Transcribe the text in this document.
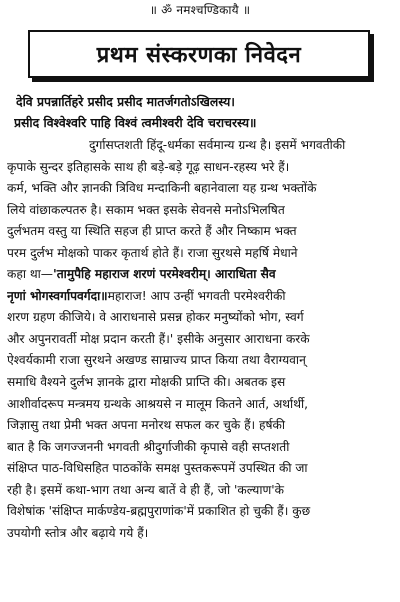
॥ ॐ नमश्चण्डिकायै ॥
प्रथम संस्करणका निवेदन
देवि प्रपन्नार्तिहरे प्रसीद प्रसीद मातर्जगतोऽखिलस्य।
प्रसीद विश्वेश्वरि पाहि विश्वं त्वमीश्वरी देवि चराचरस्य॥
दुर्गासप्तशती हिंदू-धर्मका सर्वमान्य ग्रन्थ है। इसमें भगवतीकी
कृपाके सुन्दर इतिहासके साथ ही बड़े-बड़े गूढ़ साधन-रहस्य भरे हैं।
कर्म, भक्ति और ज्ञानकी त्रिविध मन्दाकिनी बहानेवाला यह ग्रन्थ भक्तोंके
लिये वांछाकल्पतरु है। सकाम भक्त इसके सेवनसे मनोऽभिलषित
दुर्लभतम वस्तु या स्थिति सहज ही प्राप्त करते हैं और निष्काम भक्त
परम दुर्लभ मोक्षको पाकर कृतार्थ होते हैं। राजा सुरथसे महर्षि मेधाने
कहा था—'तामुपैहि महाराज शरणं परमेश्वरीम्। आराधिता सैव
नृणां भोगस्वर्गापवर्गदा॥महाराज! आप उन्हीं भगवती परमेश्वरीकी
शरण ग्रहण कीजिये। वे आराधनासे प्रसन्न होकर मनुष्योंको भोग, स्वर्ग
और अपुनरावर्ती मोक्ष प्रदान करती हैं।' इसीके अनुसार आराधना करके
ऐश्वर्यकामी राजा सुरथने अखण्ड साम्राज्य प्राप्त किया तथा वैराग्यवान्
समाधि वैश्यने दुर्लभ ज्ञानके द्वारा मोक्षकी प्राप्ति की। अबतक इस
आशीर्वादरूप मन्त्रमय ग्रन्थके आश्रयसे न मालूम कितने आर्त, अर्थार्थी,
जिज्ञासु तथा प्रेमी भक्त अपना मनोरथ सफल कर चुके हैं। हर्षकी
बात है कि जगज्जननी भगवती श्रीदुर्गाजीकी कृपासे वही सप्तशती
संक्षिप्त पाठ-विधिसहित पाठकोंके समक्ष पुस्तकरूपमें उपस्थित की जा
रही है। इसमें कथा-भाग तथा अन्य बातें वे ही हैं, जो 'कल्याण'के
विशेषांक 'संक्षिप्त मार्कण्डेय-ब्रह्मपुराणांक'में प्रकाशित हो चुकी हैं। कुछ
उपयोगी स्तोत्र और बढ़ाये गये हैं।
